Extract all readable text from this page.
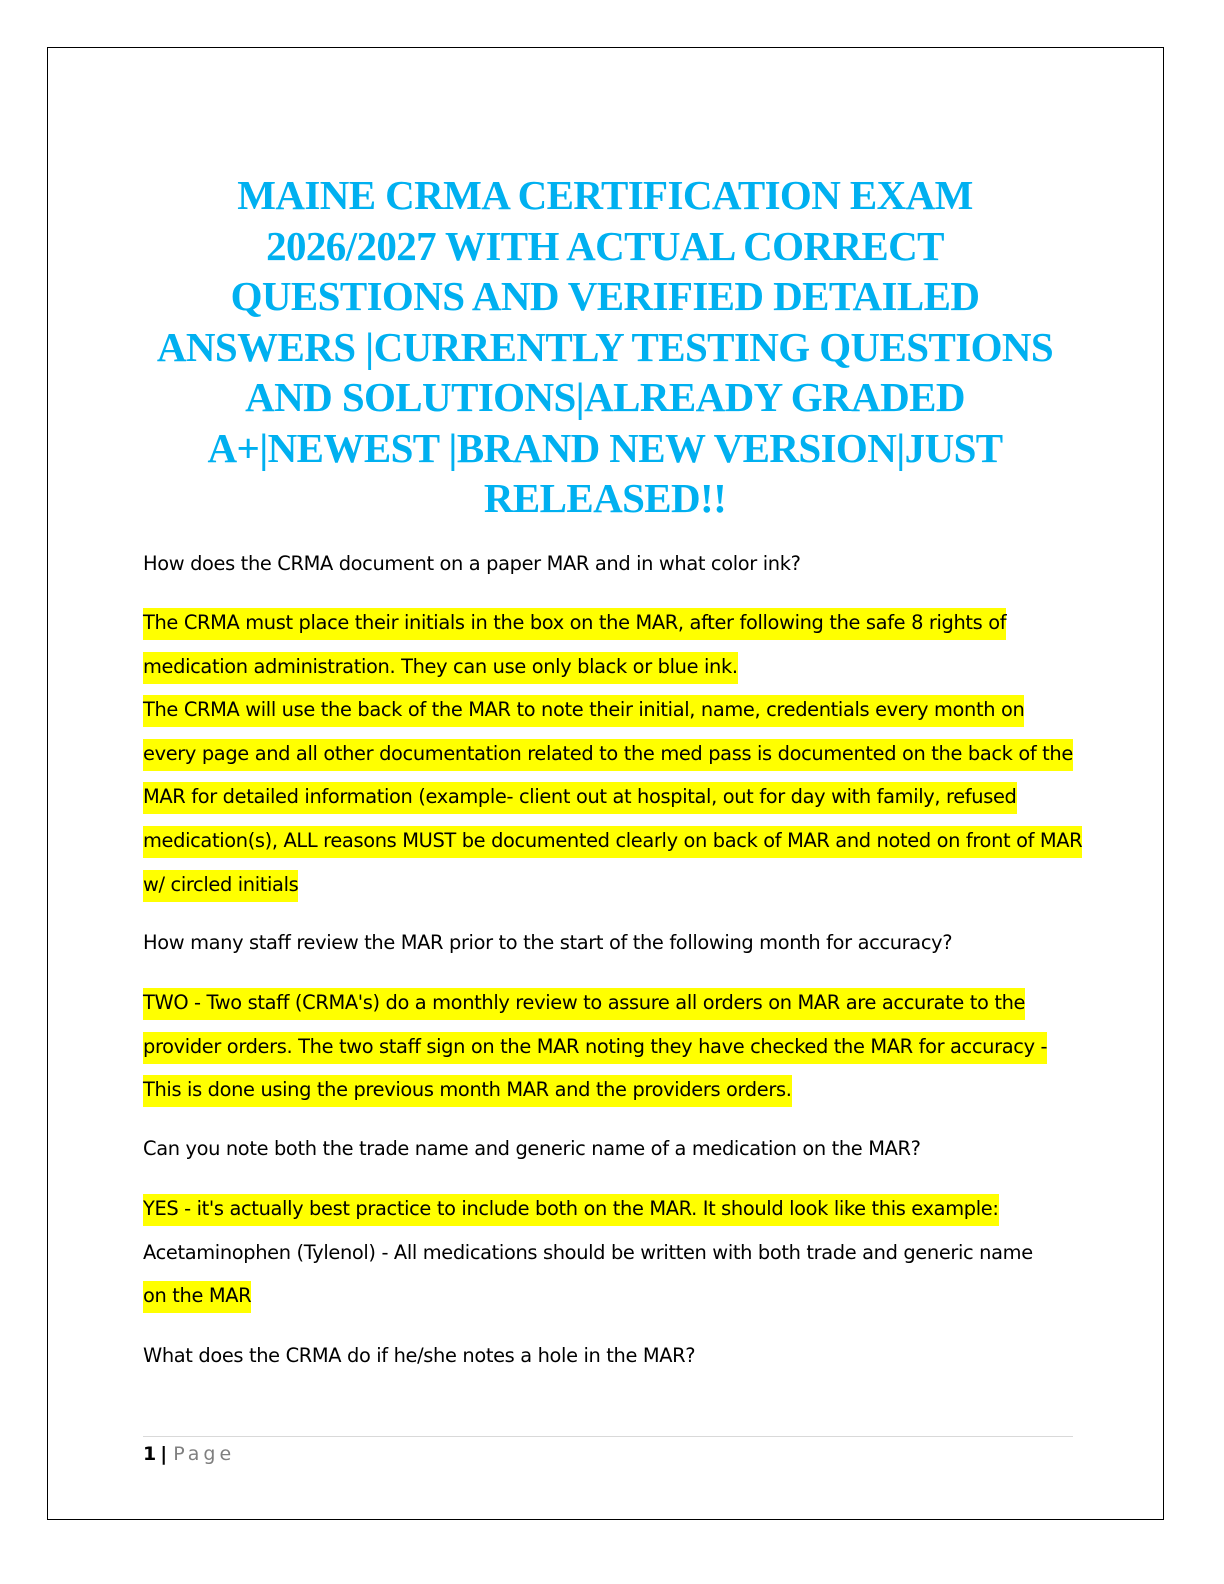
MAINE CRMA CERTIFICATION EXAM 2026/2027 WITH ACTUAL CORRECT QUESTIONS AND VERIFIED DETAILED ANSWERS |CURRENTLY TESTING QUESTIONS AND SOLUTIONS|ALREADY GRADED A+|NEWEST |BRAND NEW VERSION|JUST RELEASED!!

How does the CRMA document on a paper MAR and in what color ink?

The CRMA must place their initials in the box on the MAR, after following the safe 8 rights of medication administration. They can use only black or blue ink.
The CRMA will use the back of the MAR to note their initial, name, credentials every month on every page and all other documentation related to the med pass is documented on the back of the MAR for detailed information (example- client out at hospital, out for day with family, refused medication(s), ALL reasons MUST be documented clearly on back of MAR and noted on front of MAR w/ circled initials

How many staff review the MAR prior to the start of the following month for accuracy?

TWO - Two staff (CRMA's) do a monthly review to assure all orders on MAR are accurate to the provider orders. The two staff sign on the MAR noting they have checked the MAR for accuracy - This is done using the previous month MAR and the providers orders.

Can you note both the trade name and generic name of a medication on the MAR?

YES - it's actually best practice to include both on the MAR. It should look like this example:
Acetaminophen (Tylenol) - All medications should be written with both trade and generic name
on the MAR

What does the CRMA do if he/she notes a hole in the MAR?

1 | Page
